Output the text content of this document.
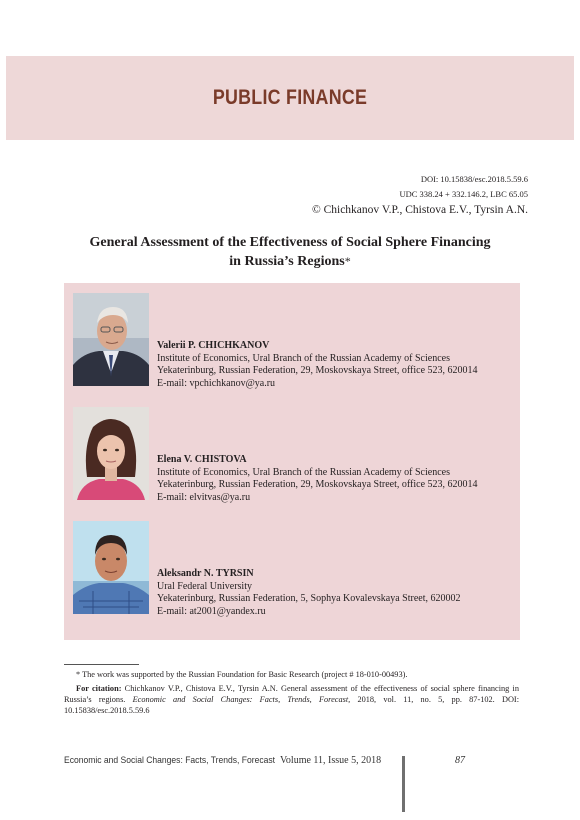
PUBLIC FINANCE
DOI: 10.15838/esc.2018.5.59.6
UDC 338.24 + 332.146.2, LBC 65.05
© Chichkanov V.P., Chistova E.V., Tyrsin A.N.
General Assessment of the Effectiveness of Social Sphere Financing
in Russia’s Regions*
Valerii P. CHICHKANOV
Institute of Economics, Ural Branch of the Russian Academy of Sciences
Yekaterinburg, Russian Federation, 29, Moskovskaya Street, office 523, 620014
E-mail: vpchichkanov@ya.ru
Elena V. CHISTOVA
Institute of Economics, Ural Branch of the Russian Academy of Sciences
Yekaterinburg, Russian Federation, 29, Moskovskaya Street, office 523, 620014
E-mail: elvitvas@ya.ru
Aleksandr N. TYRSIN
Ural Federal University
Yekaterinburg, Russian Federation, 5, Sophya Kovalevskaya Street, 620002
E-mail: at2001@yandex.ru
* The work was supported by the Russian Foundation for Basic Research (project # 18-010-00493).
For citation: Chichkanov V.P., Chistova E.V., Tyrsin A.N. General assessment of the effectiveness of social sphere financing in Russia’s regions. Economic and Social Changes: Facts, Trends, Forecast, 2018, vol. 11, no. 5, pp. 87-102. DOI: 10.15838/esc.2018.5.59.6
Economic and Social Changes: Facts, Trends, Forecast Volume 11, Issue 5, 2018	87
